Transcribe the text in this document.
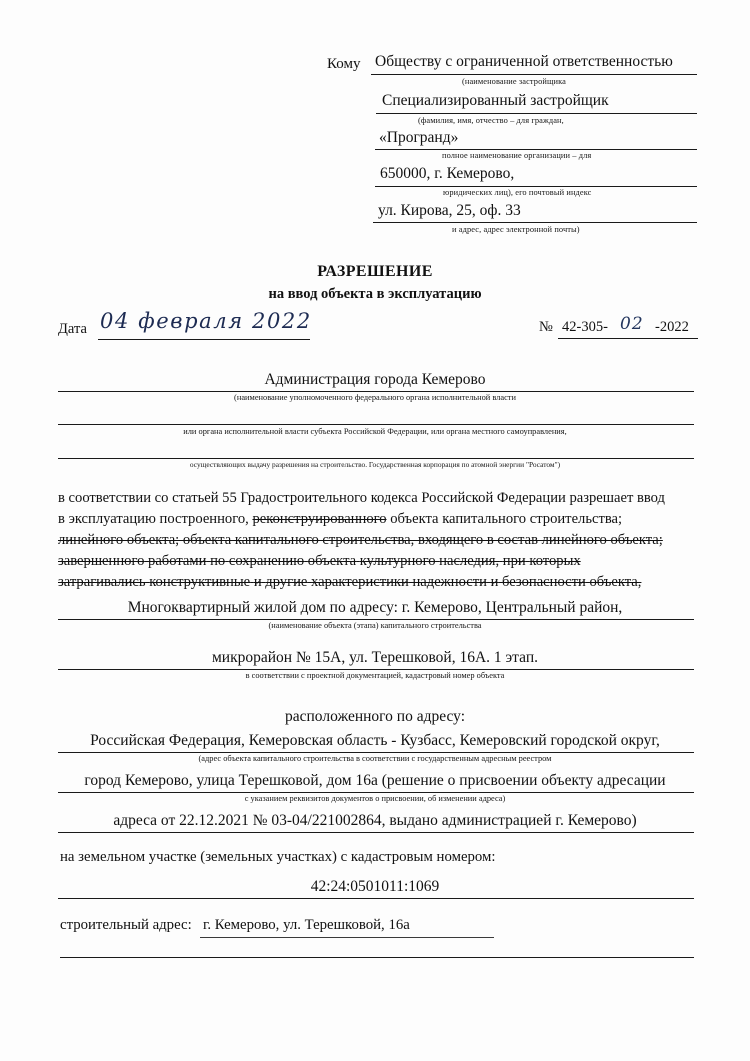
Кому Обществу с ограниченной ответственностью
(наименование застройщика
Специализированный застройщик
(фамилия, имя, отчество – для граждан,
«Програнд»
полное наименование организации – для
650000, г. Кемерово,
юридических лиц), его почтовый индекс
ул. Кирова, 25, оф. 33
и адрес, адрес электронной почты)
РАЗРЕШЕНИЕ
на ввод объекта в эксплуатацию
Дата 04 февраля 2022	№ 42-305- 02 -2022
Администрация города Кемерово
(наименование уполномоченного федерального органа исполнительной власти
или органа исполнительной власти субъекта Российской Федерации, или органа местного самоуправления,
осуществляющих выдачу разрешения на строительство. Государственная корпорация по атомной энергии "Росатом")
в соответствии со статьей 55 Градостроительного кодекса Российской Федерации разрешает ввод
в эксплуатацию построенного, реконструированного объекта капитального строительства;
линейного объекта; объекта капитального строительства, входящего в состав линейного объекта;
завершенного работами по сохранению объекта культурного наследия, при которых
затрагивались конструктивные и другие характеристики надежности и безопасности объекта,
Многоквартирный жилой дом по адресу: г. Кемерово, Центральный район,
(наименование объекта (этапа) капитального строительства
микрорайон № 15А, ул. Терешковой, 16А. 1 этап.
в соответствии с проектной документацией, кадастровый номер объекта
расположенного по адресу:
Российская Федерация, Кемеровская область - Кузбасс, Кемеровский городской округ,
(адрес объекта капитального строительства в соответствии с государственным адресным реестром
город Кемерово, улица Терешковой, дом 16а (решение о присвоении объекту адресации
с указанием реквизитов документов о присвоении, об изменении адреса)
адреса от 22.12.2021 № 03-04/221002864, выдано администрацией г. Кемерово)
на земельном участке (земельных участках) с кадастровым номером:
42:24:0501011:1069
строительный адрес: г. Кемерово, ул. Терешковой, 16а
